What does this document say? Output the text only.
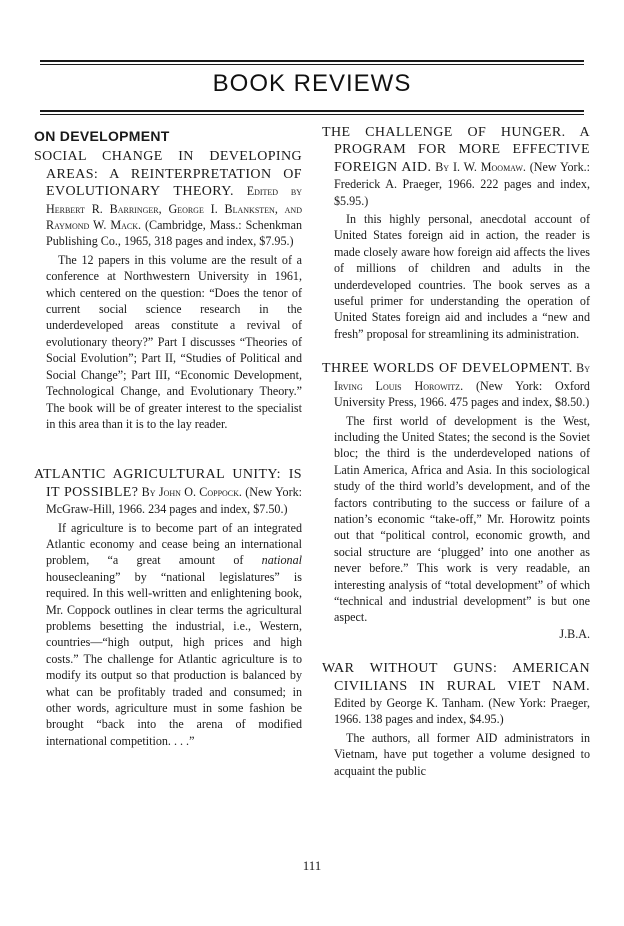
BOOK REVIEWS
ON DEVELOPMENT

SOCIAL CHANGE IN DEVELOPING AREAS: A REINTERPRETATION OF EVOLUTIONARY THEORY. Edited by Herbert R. Barringer, George I. Blanksten, and Raymond W. Mack. (Cambridge, Mass.: Schenkman Publishing Co., 1965, 318 pages and index, $7.95.)

The 12 papers in this volume are the result of a conference at Northwestern University in 1961, which centered on the question: “Does the tenor of current social science research in the underdeveloped areas constitute a revival of evolutionary theory?” Part I discusses “Theories of Social Evolution”; Part II, “Studies of Political and Social Change”; Part III, “Economic Development, Technological Change, and Evolutionary Theory.” The book will be of greater interest to the specialist in this area than it is to the lay reader.

ATLANTIC AGRICULTURAL UNITY: IS IT POSSIBLE? By John O. Coppock. (New York: McGraw-Hill, 1966. 234 pages and index, $7.50.)

If agriculture is to become part of an integrated Atlantic economy and cease being an international problem, “a great amount of national housecleaning” by “national legislatures” is required. In this well-written and enlightening book, Mr. Coppock outlines in clear terms the agricultural problems besetting the industrial, i.e., Western, countries—“high output, high prices and high costs.” The challenge for Atlantic agriculture is to modify its output so that production is balanced by what can be profitably traded and consumed; in other words, agriculture must in some fashion be brought “back into the arena of modified international competition. . . .”

THE CHALLENGE OF HUNGER. A PROGRAM FOR MORE EFFECTIVE FOREIGN AID. By I. W. Moomaw. (New York.: Frederick A. Praeger, 1966. 222 pages and index, $5.95.)

In this highly personal, anecdotal account of United States foreign aid in action, the reader is made closely aware how foreign aid affects the lives of millions of children and adults in the underdeveloped countries. The book serves as a useful primer for understanding the operation of United States foreign aid and includes a “new and fresh” proposal for streamlining its administration.

THREE WORLDS OF DEVELOPMENT. By Irving Louis Horowitz. (New York: Oxford University Press, 1966. 475 pages and index, $8.50.)

The first world of development is the West, including the United States; the second is the Soviet bloc; the third is the underdeveloped nations of Latin America, Africa and Asia. In this sociological study of the third world’s development, and of the factors contributing to the success or failure of a nation’s economic “take-off,” Mr. Horowitz points out that “political control, economic growth, and social structure are ‘plugged’ into one another as never before.” This work is very readable, an interesting analysis of “total development” of which “technical and industrial development” is but one aspect.

J.B.A.

WAR WITHOUT GUNS: AMERICAN CIVILIANS IN RURAL VIET NAM. Edited by George K. Tanham. (New York: Praeger, 1966. 138 pages and index, $4.95.)

The authors, all former AID administrators in Vietnam, have put together a volume designed to acquaint the public

111
